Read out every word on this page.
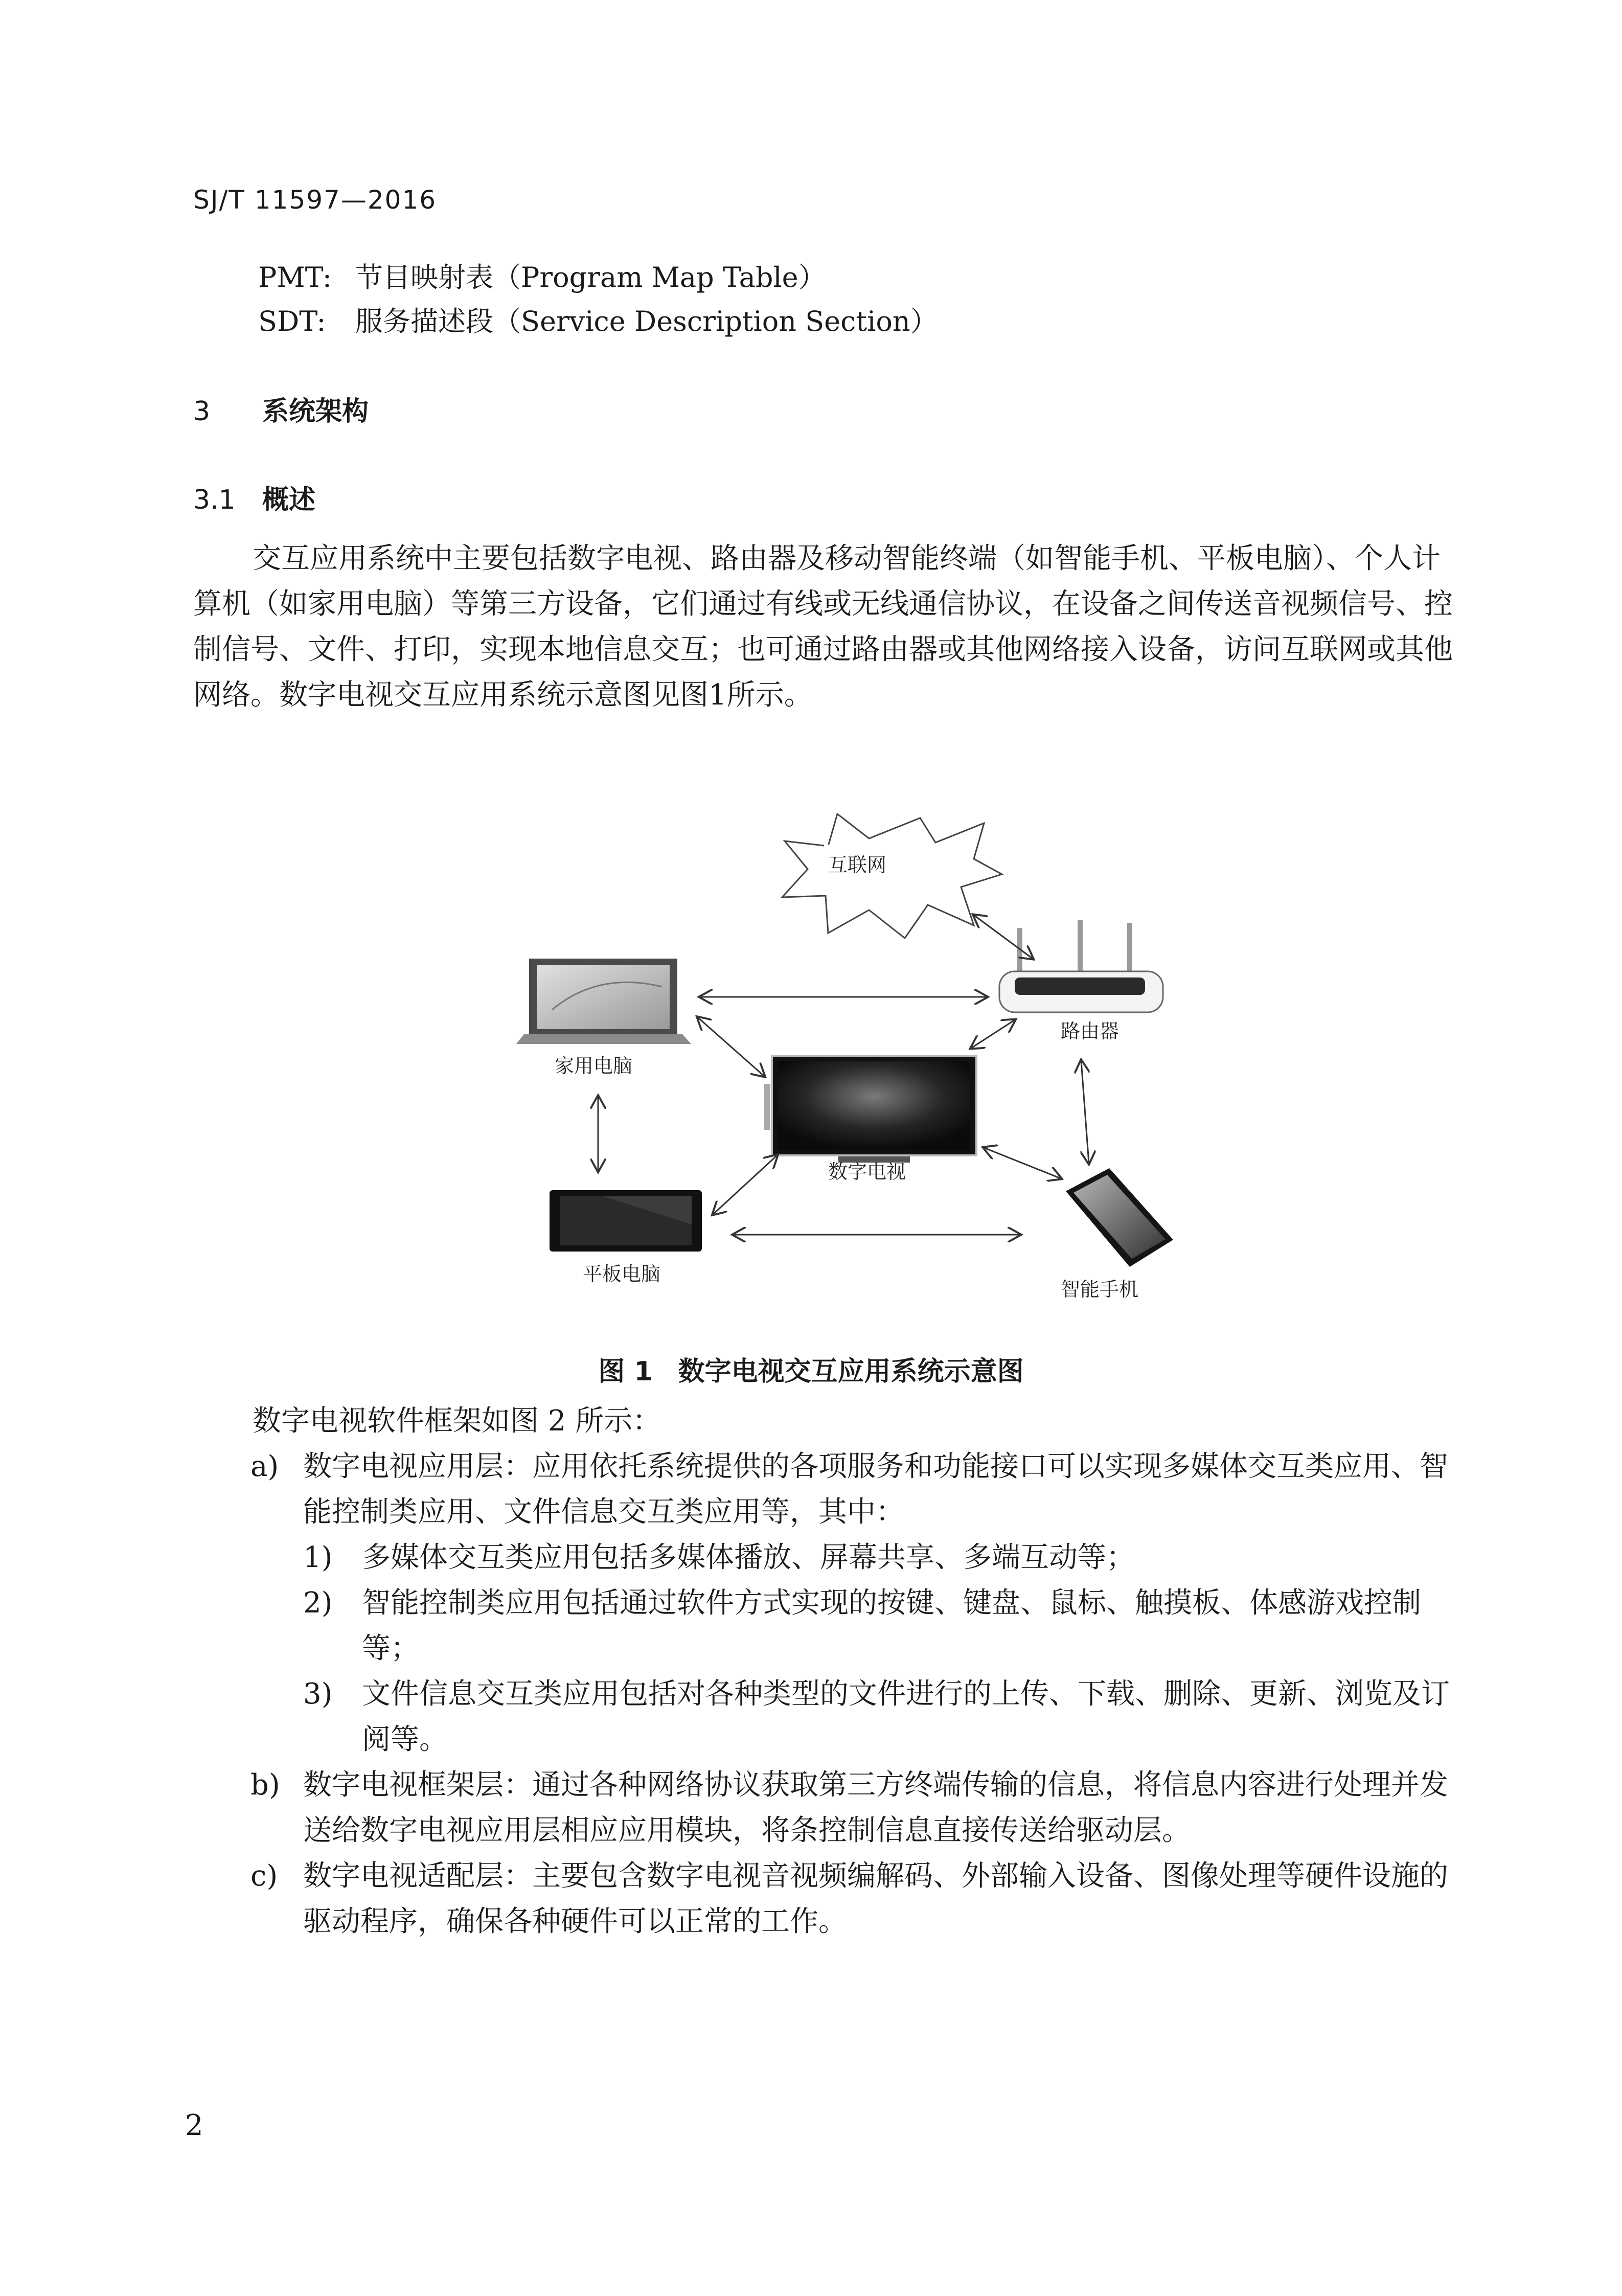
SJ/T 11597—2016
PMT: 节目映射表（Program Map Table）
SDT: 服务描述段（Service Description Section）
3 系统架构
3.1 概述

交互应用系统中主要包括数字电视、路由器及移动智能终端（如智能手机、平板电脑）、个人计算机（如家用电脑）等第三方设备，它们通过有线或无线通信协议，在设备之间传送音视频信号、控制信号、文件、打印，实现本地信息交互；也可通过路由器或其他网络接入设备，访问互联网或其他网络。数字电视交互应用系统示意图见图1所示。

互联网
路由器
家用电脑
数字电视
平板电脑
智能手机
图 1 数字电视交互应用系统示意图
数字电视软件框架如图 2 所示：
a) 数字电视应用层：应用依托系统提供的各项服务和功能接口可以实现多媒体交互类应用、智能控制类应用、文件信息交互类应用等，其中：
1) 多媒体交互类应用包括多媒体播放、屏幕共享、多端互动等；
2) 智能控制类应用包括通过软件方式实现的按键、键盘、鼠标、触摸板、体感游戏控制等；
3) 文件信息交互类应用包括对各种类型的文件进行的上传、下载、删除、更新、浏览及订阅等。
b) 数字电视框架层：通过各种网络协议获取第三方终端传输的信息，将信息内容进行处理并发送给数字电视应用层相应应用模块，将条控制信息直接传送给驱动层。
c) 数字电视适配层：主要包含数字电视音视频编解码、外部输入设备、图像处理等硬件设施的驱动程序，确保各种硬件可以正常的工作。
2
